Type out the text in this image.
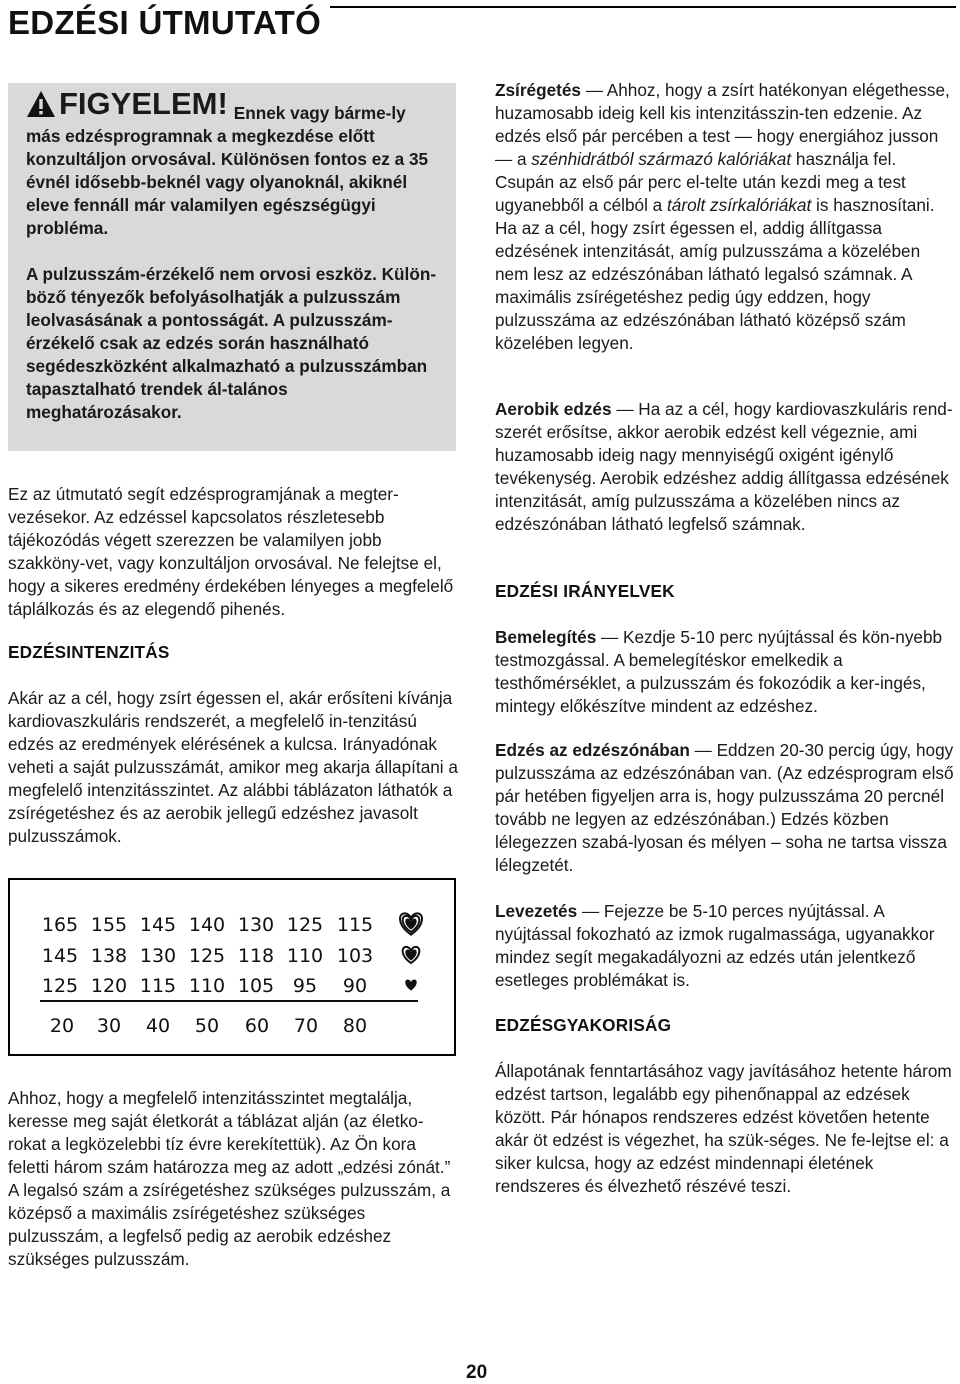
EDZÉSI ÚTMUTATÓ

FIGYELEM! Ennek vagy bárme-ly más edzésprogramnak a megkezdése előtt konzultáljon orvosával. Különösen fontos ez a 35 évnél idősebb-beknél vagy olyanoknál, akiknél eleve fennáll már valamilyen egészségügyi probléma.

A pulzusszám-érzékelő nem orvosi eszköz. Külön-böző tényezők befolyásolhatják a pulzusszám leolvasásának a pontosságát. A pulzusszám-érzékelő csak az edzés során használható segédeszközként alkalmazható a pulzusszámban tapasztalható trendek ál-talános meghatározásakor.

Ez az útmutató segít edzésprogramjának a megter-vezésekor. Az edzéssel kapcsolatos részletesebb tájékozódás végett szerezzen be valamilyen jobb szakköny-vet, vagy konzultáljon orvosával. Ne felejtse el, hogy a sikeres eredmény érdekében lényeges a megfelelő táplálkozás és az elegendő pihenés.

EDZÉSINTENZITÁS

Akár az a cél, hogy zsírt égessen el, akár erősíteni kívánja kardiovaszkuláris rendszerét, a megfelelő in-tenzitású edzés az eredmények elérésének a kulcsa. Irányadónak veheti a saját pulzusszámát, amikor meg akarja állapítani a megfelelő intenzitásszintet. Az alábbi táblázaton láthatók a zsírégetéshez és az aerobik jellegű edzéshez javasolt pulzusszámok.

165 155 145 140 130 125 115
145 138 130 125 118 110 103
125 120 115 110 105 95 90
20 30 40 50 60 70 80

Ahhoz, hogy a megfelelő intenzitásszintet megtalálja, keresse meg saját életkorát a táblázat alján (az életko-rokat a legközelebbi tíz évre kerekítettük). Az Ön kora feletti három szám határozza meg az adott „edzési zónát.” A legalsó szám a zsírégetéshez szükséges pulzusszám, a középső a maximális zsírégetéshez szükséges pulzusszám, a legfelső pedig az aerobik edzéshez szükséges pulzusszám.

Zsírégetés — Ahhoz, hogy a zsírt hatékonyan elégethesse, huzamosabb ideig kell kis intenzitásszin-ten edzenie. Az edzés első pár percében a test — hogy energiához jusson — a szénhidrátból származó kalóriákat használja fel. Csupán az első pár perc el-telte után kezdi meg a test ugyanebből a célból a tárolt zsírkalóriákat is hasznosítani. Ha az a cél, hogy zsírt égessen el, addig állítgassa edzésének intenzitását, amíg pulzusszáma a közelében nem lesz az edzészónában látható legalsó számnak. A maximális zsírégetéshez pedig úgy eddzen, hogy pulzusszáma az edzészónában látható középső szám közelében legyen.

Aerobik edzés — Ha az a cél, hogy kardiovaszkuláris rend-szerét erősítse, akkor aerobik edzést kell végeznie, ami huzamosabb ideig nagy mennyiségű oxigént igénylő tevékenység. Aerobik edzéshez addig állítgassa edzésének intenzitását, amíg pulzusszáma a közelében nincs az edzészónában látható legfelső számnak.

EDZÉSI IRÁNYELVEK

Bemelegítés — Kezdje 5-10 perc nyújtással és kön-nyebb testmozgással. A bemelegítéskor emelkedik a testhőmérséklet, a pulzusszám és fokozódik a ker-ingés, mintegy előkészítve mindent az edzéshez.

Edzés az edzészónában — Eddzen 20-30 percig úgy, hogy pulzusszáma az edzészónában van. (Az edzésprogram első pár hetében figyeljen arra is, hogy pulzusszáma 20 percnél tovább ne legyen az edzészónában.) Edzés közben lélegezzen szabá-lyosan és mélyen – soha ne tartsa vissza lélegzetét.

Levezetés — Fejezze be 5-10 perces nyújtással. A nyújtással fokozható az izmok rugalmassága, ugyanakkor mindez segít megakadályozni az edzés után jelentkező esetleges problémákat is.

EDZÉSGYAKORISÁG

Állapotának fenntartásához vagy javításához hetente három edzést tartson, legalább egy pihenőnappal az edzések között. Pár hónapos rendszeres edzést követően hetente akár öt edzést is végezhet, ha szük-séges. Ne fe-lejtse el: a siker kulcsa, hogy az edzést mindennapi életének rendszeres és élvezhető részévé teszi.

20
